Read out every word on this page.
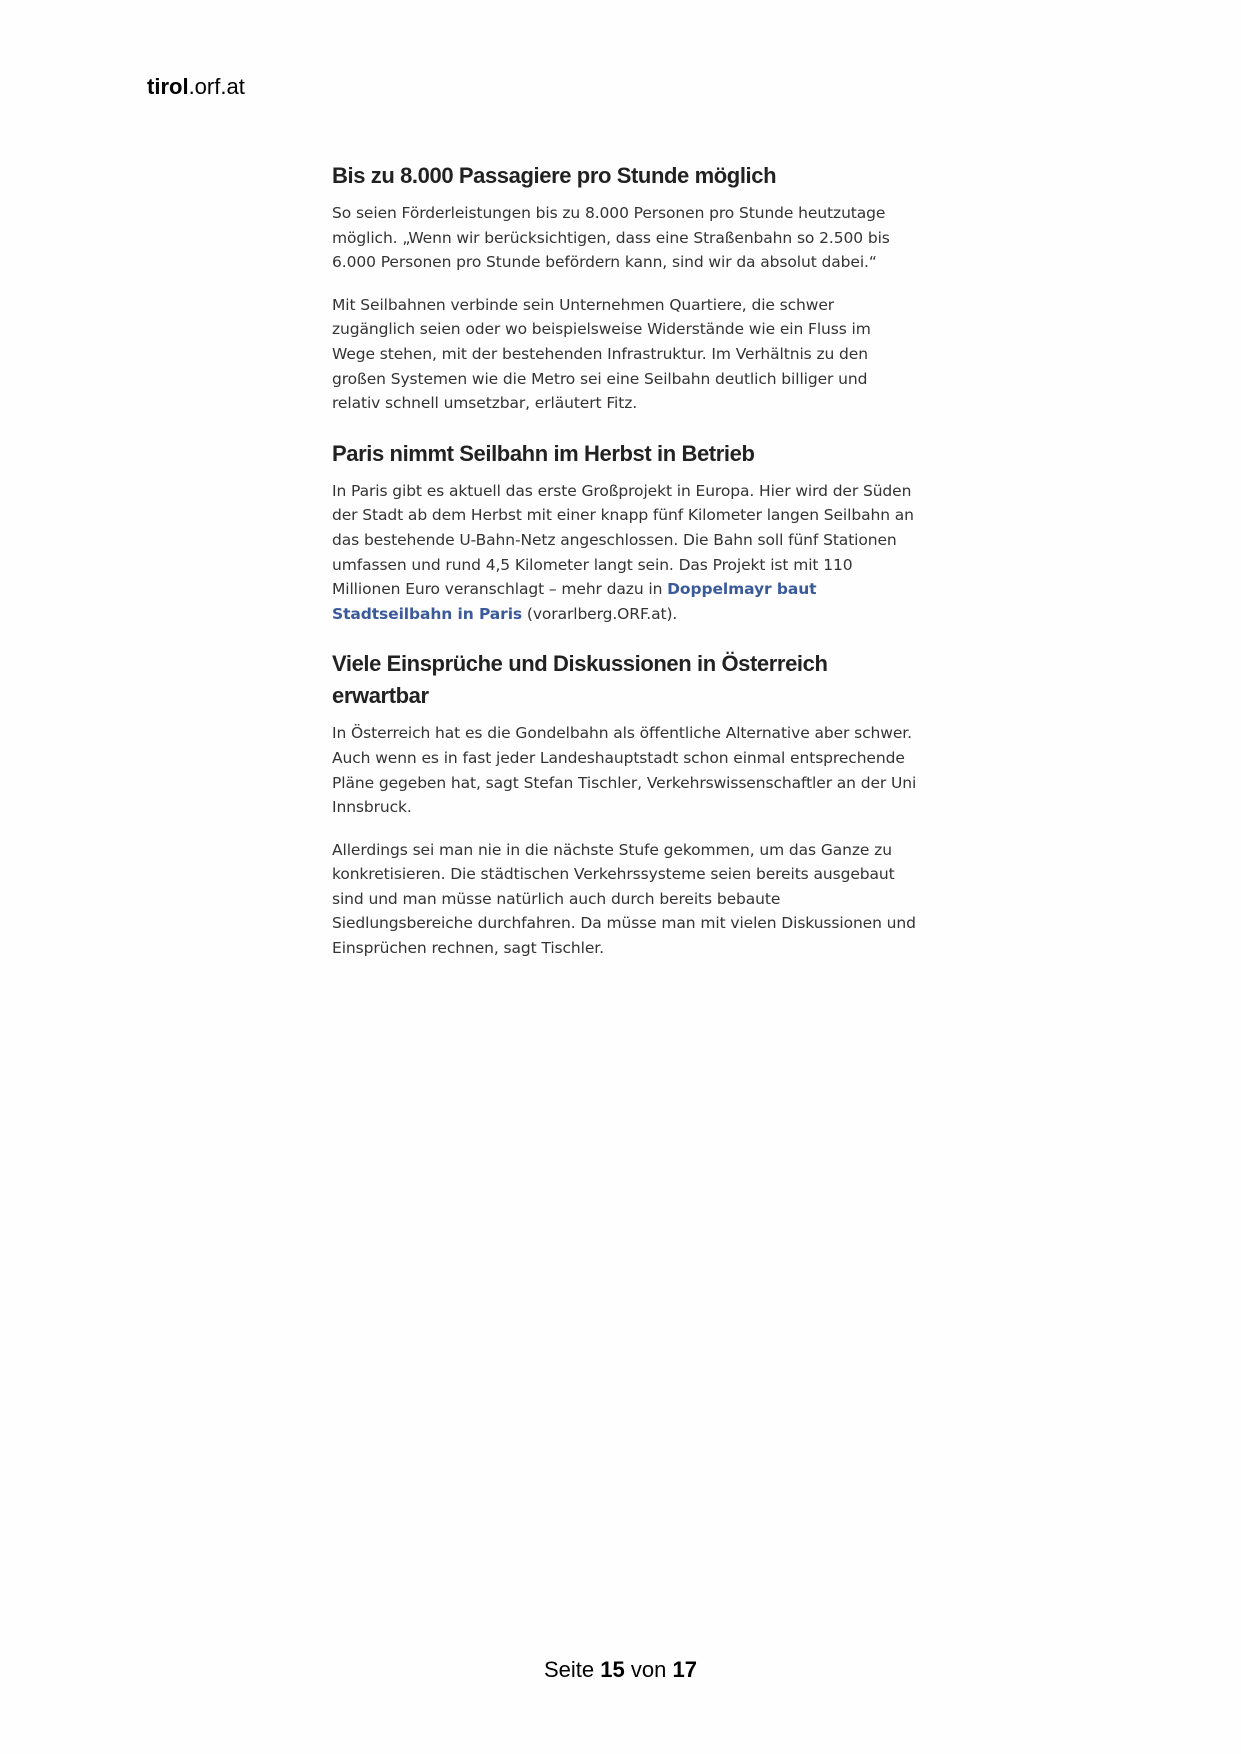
tirol.orf.at
Bis zu 8.000 Passagiere pro Stunde möglich

So seien Förderleistungen bis zu 8.000 Personen pro Stunde heutzutage möglich. „Wenn wir berücksichtigen, dass eine Straßenbahn so 2.500 bis 6.000 Personen pro Stunde befördern kann, sind wir da absolut dabei.“

Mit Seilbahnen verbinde sein Unternehmen Quartiere, die schwer zugänglich seien oder wo beispielsweise Widerstände wie ein Fluss im Wege stehen, mit der bestehenden Infrastruktur. Im Verhältnis zu den großen Systemen wie die Metro sei eine Seilbahn deutlich billiger und relativ schnell umsetzbar, erläutert Fitz.

Paris nimmt Seilbahn im Herbst in Betrieb

In Paris gibt es aktuell das erste Großprojekt in Europa. Hier wird der Süden der Stadt ab dem Herbst mit einer knapp fünf Kilometer langen Seilbahn an das bestehende U-Bahn-Netz angeschlossen. Die Bahn soll fünf Stationen umfassen und rund 4,5 Kilometer langt sein. Das Projekt ist mit 110 Millionen Euro veranschlagt – mehr dazu in Doppelmayr baut Stadtseilbahn in Paris (vorarlberg.ORF.at).

Viele Einsprüche und Diskussionen in Österreich erwartbar

In Österreich hat es die Gondelbahn als öffentliche Alternative aber schwer. Auch wenn es in fast jeder Landeshauptstadt schon einmal entsprechende Pläne gegeben hat, sagt Stefan Tischler, Verkehrswissenschaftler an der Uni Innsbruck.

Allerdings sei man nie in die nächste Stufe gekommen, um das Ganze zu konkretisieren. Die städtischen Verkehrssysteme seien bereits ausgebaut sind und man müsse natürlich auch durch bereits bebaute Siedlungsbereiche durchfahren. Da müsse man mit vielen Diskussionen und Einsprüchen rechnen, sagt Tischler.

Seite 15 von 17
